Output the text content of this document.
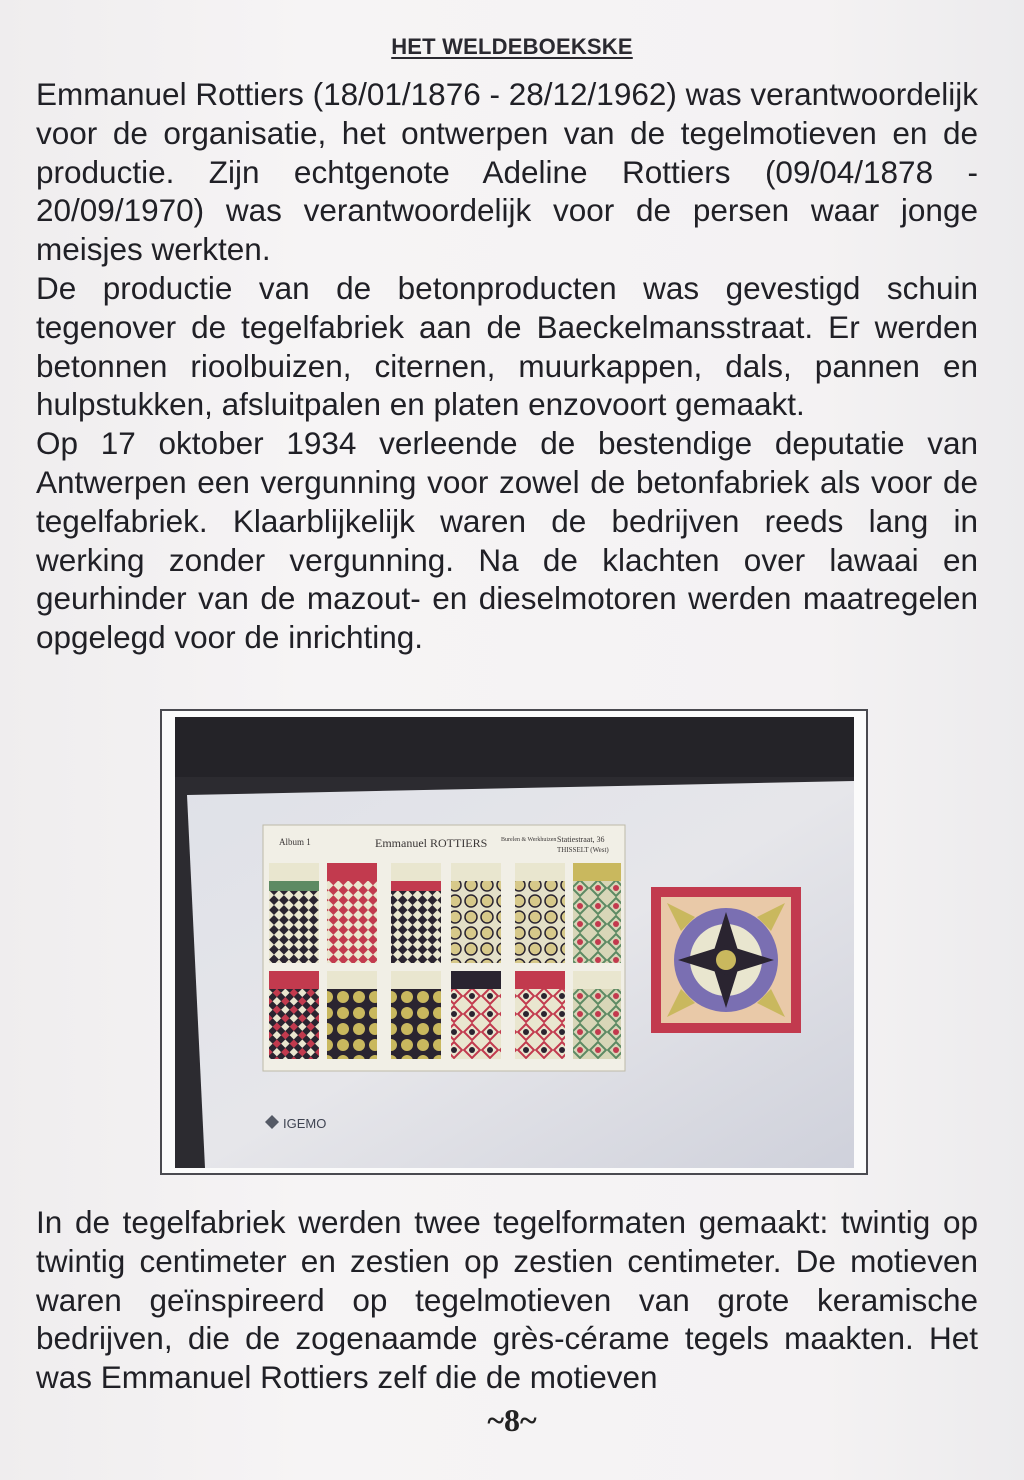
HET WELDEBOEKSKE

Emmanuel Rottiers (18/01/1876 - 28/12/1962) was verantwoordelijk voor de organisatie, het ontwerpen van de tegelmotieven en de productie. Zijn echtgenote Adeline Rottiers (09/04/1878 - 20/09/1970) was verantwoordelijk voor de persen waar jonge meisjes werkten.

De productie van de betonproducten was gevestigd schuin tegenover de tegelfabriek aan de Baeckelmansstraat. Er werden betonnen rioolbuizen, citernen, muurkappen, dals, pannen en hulpstukken, afsluitpalen en platen enzovoort gemaakt.

Op 17 oktober 1934 verleende de bestendige deputatie van Antwerpen een vergunning voor zowel de betonfabriek als voor de tegelfabriek. Klaarblijkelijk waren de bedrijven reeds lang in werking zonder vergunning. Na de klachten over lawaai en geurhinder van de mazout- en dieselmotoren werden maatregelen opgelegd voor de inrichting.

Album 1	Emmanuel ROTTIERS Burelen & Werkhuizen Statiestraat, 36
THISSELT (West)
IGEMO

In de tegelfabriek werden twee tegelformaten gemaakt: twintig op twintig centimeter en zestien op zestien centimeter. De motieven waren geïnspireerd op tegelmotieven van grote keramische bedrijven, die de zogenaamde grès-cérame tegels maakten. Het was Emmanuel Rottiers zelf die de motieven

~8~
